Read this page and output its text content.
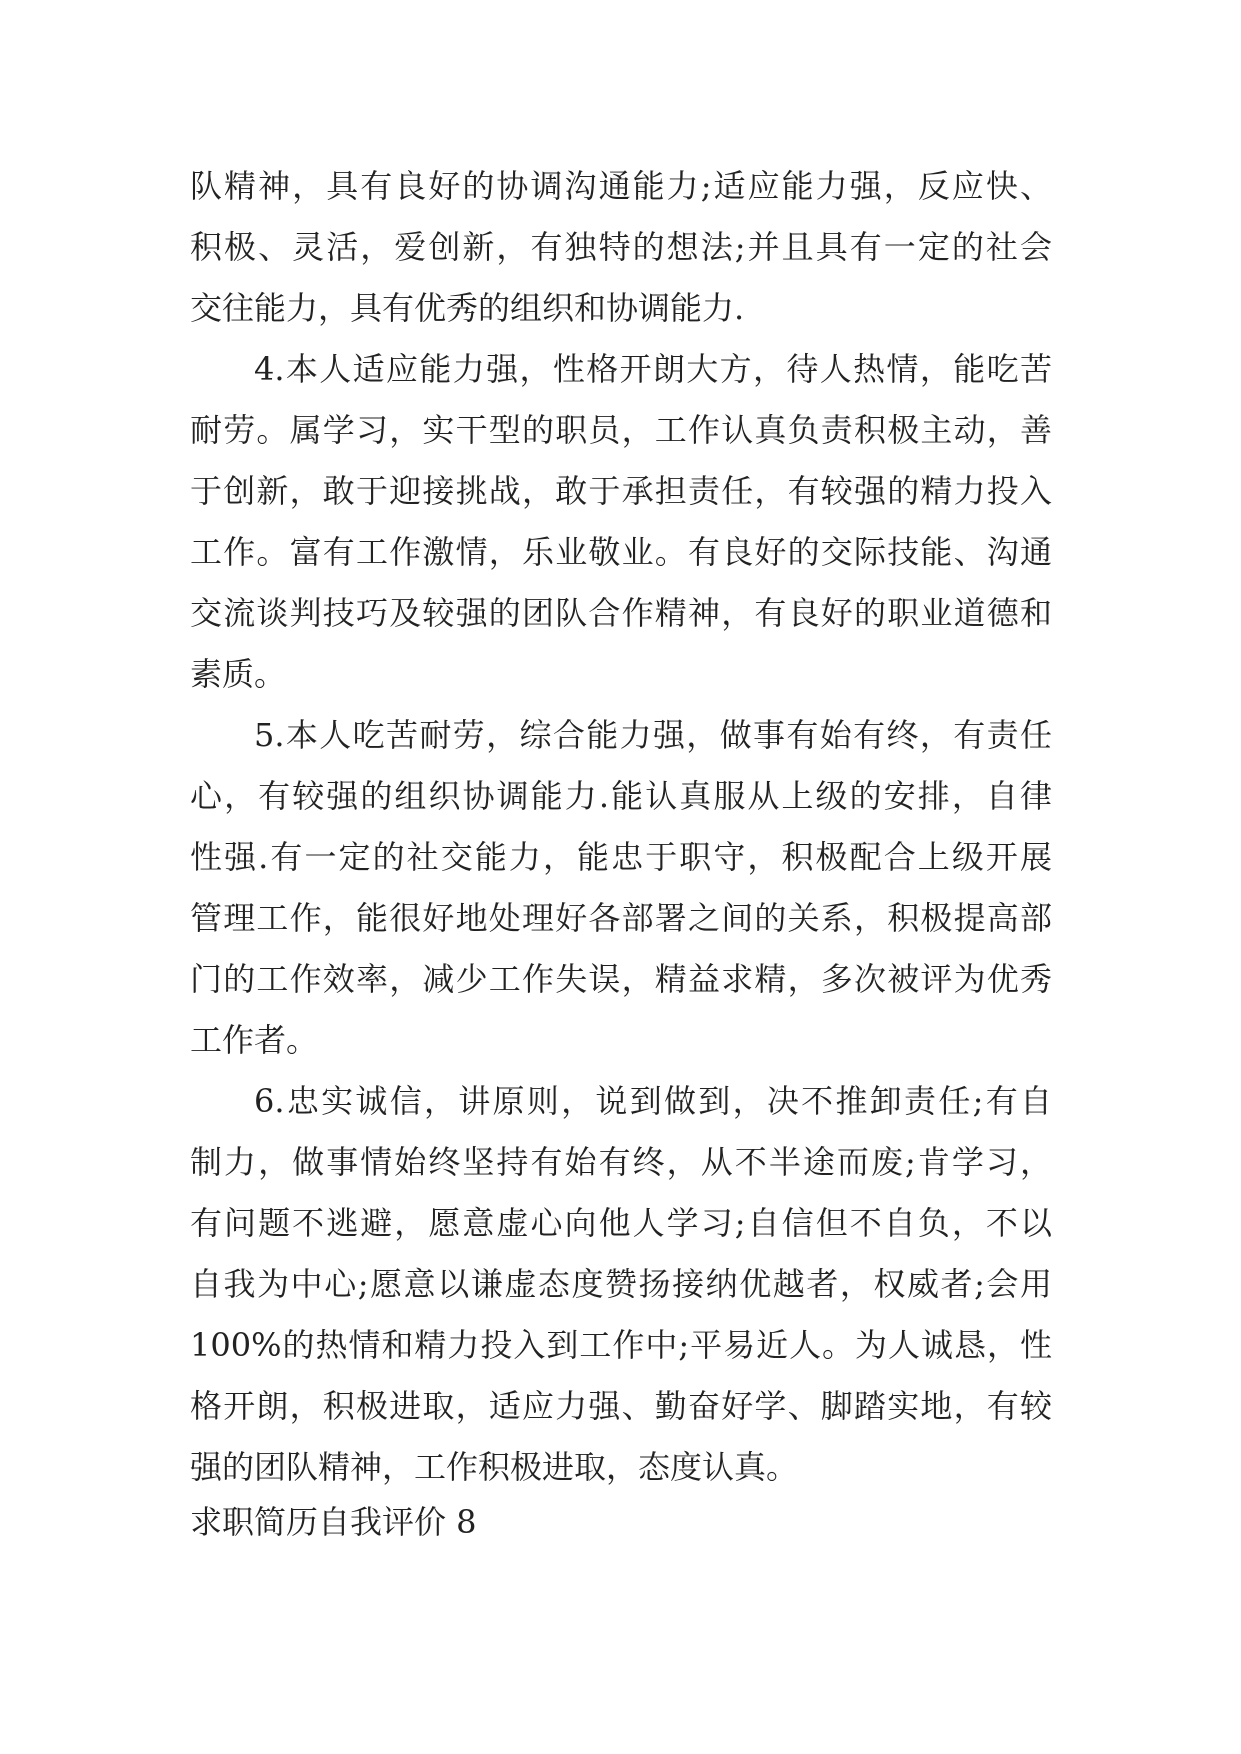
队精神，具有良好的协调沟通能力;适应能力强，反应快、
积极、灵活，爱创新，有独特的想法;并且具有一定的社会
交往能力，具有优秀的组织和协调能力.
4.本人适应能力强，性格开朗大方，待人热情，能吃苦
耐劳。属学习，实干型的职员，工作认真负责积极主动，善
于创新，敢于迎接挑战，敢于承担责任，有较强的精力投入
工作。富有工作激情，乐业敬业。有良好的交际技能、沟通
交流谈判技巧及较强的团队合作精神，有良好的职业道德和
素质。
5.本人吃苦耐劳，综合能力强，做事有始有终，有责任
心，有较强的组织协调能力.能认真服从上级的安排，自律
性强.有一定的社交能力，能忠于职守，积极配合上级开展
管理工作，能很好地处理好各部署之间的关系，积极提高部
门的工作效率，减少工作失误，精益求精，多次被评为优秀
工作者。
6.忠实诚信，讲原则，说到做到，决不推卸责任;有自
制力，做事情始终坚持有始有终，从不半途而废;肯学习，
有问题不逃避，愿意虚心向他人学习;自信但不自负，不以
自我为中心;愿意以谦虚态度赞扬接纳优越者，权威者;会用
100%的热情和精力投入到工作中;平易近人。为人诚恳，性
格开朗，积极进取，适应力强、勤奋好学、脚踏实地，有较
强的团队精神，工作积极进取，态度认真。
求职简历自我评价 8
